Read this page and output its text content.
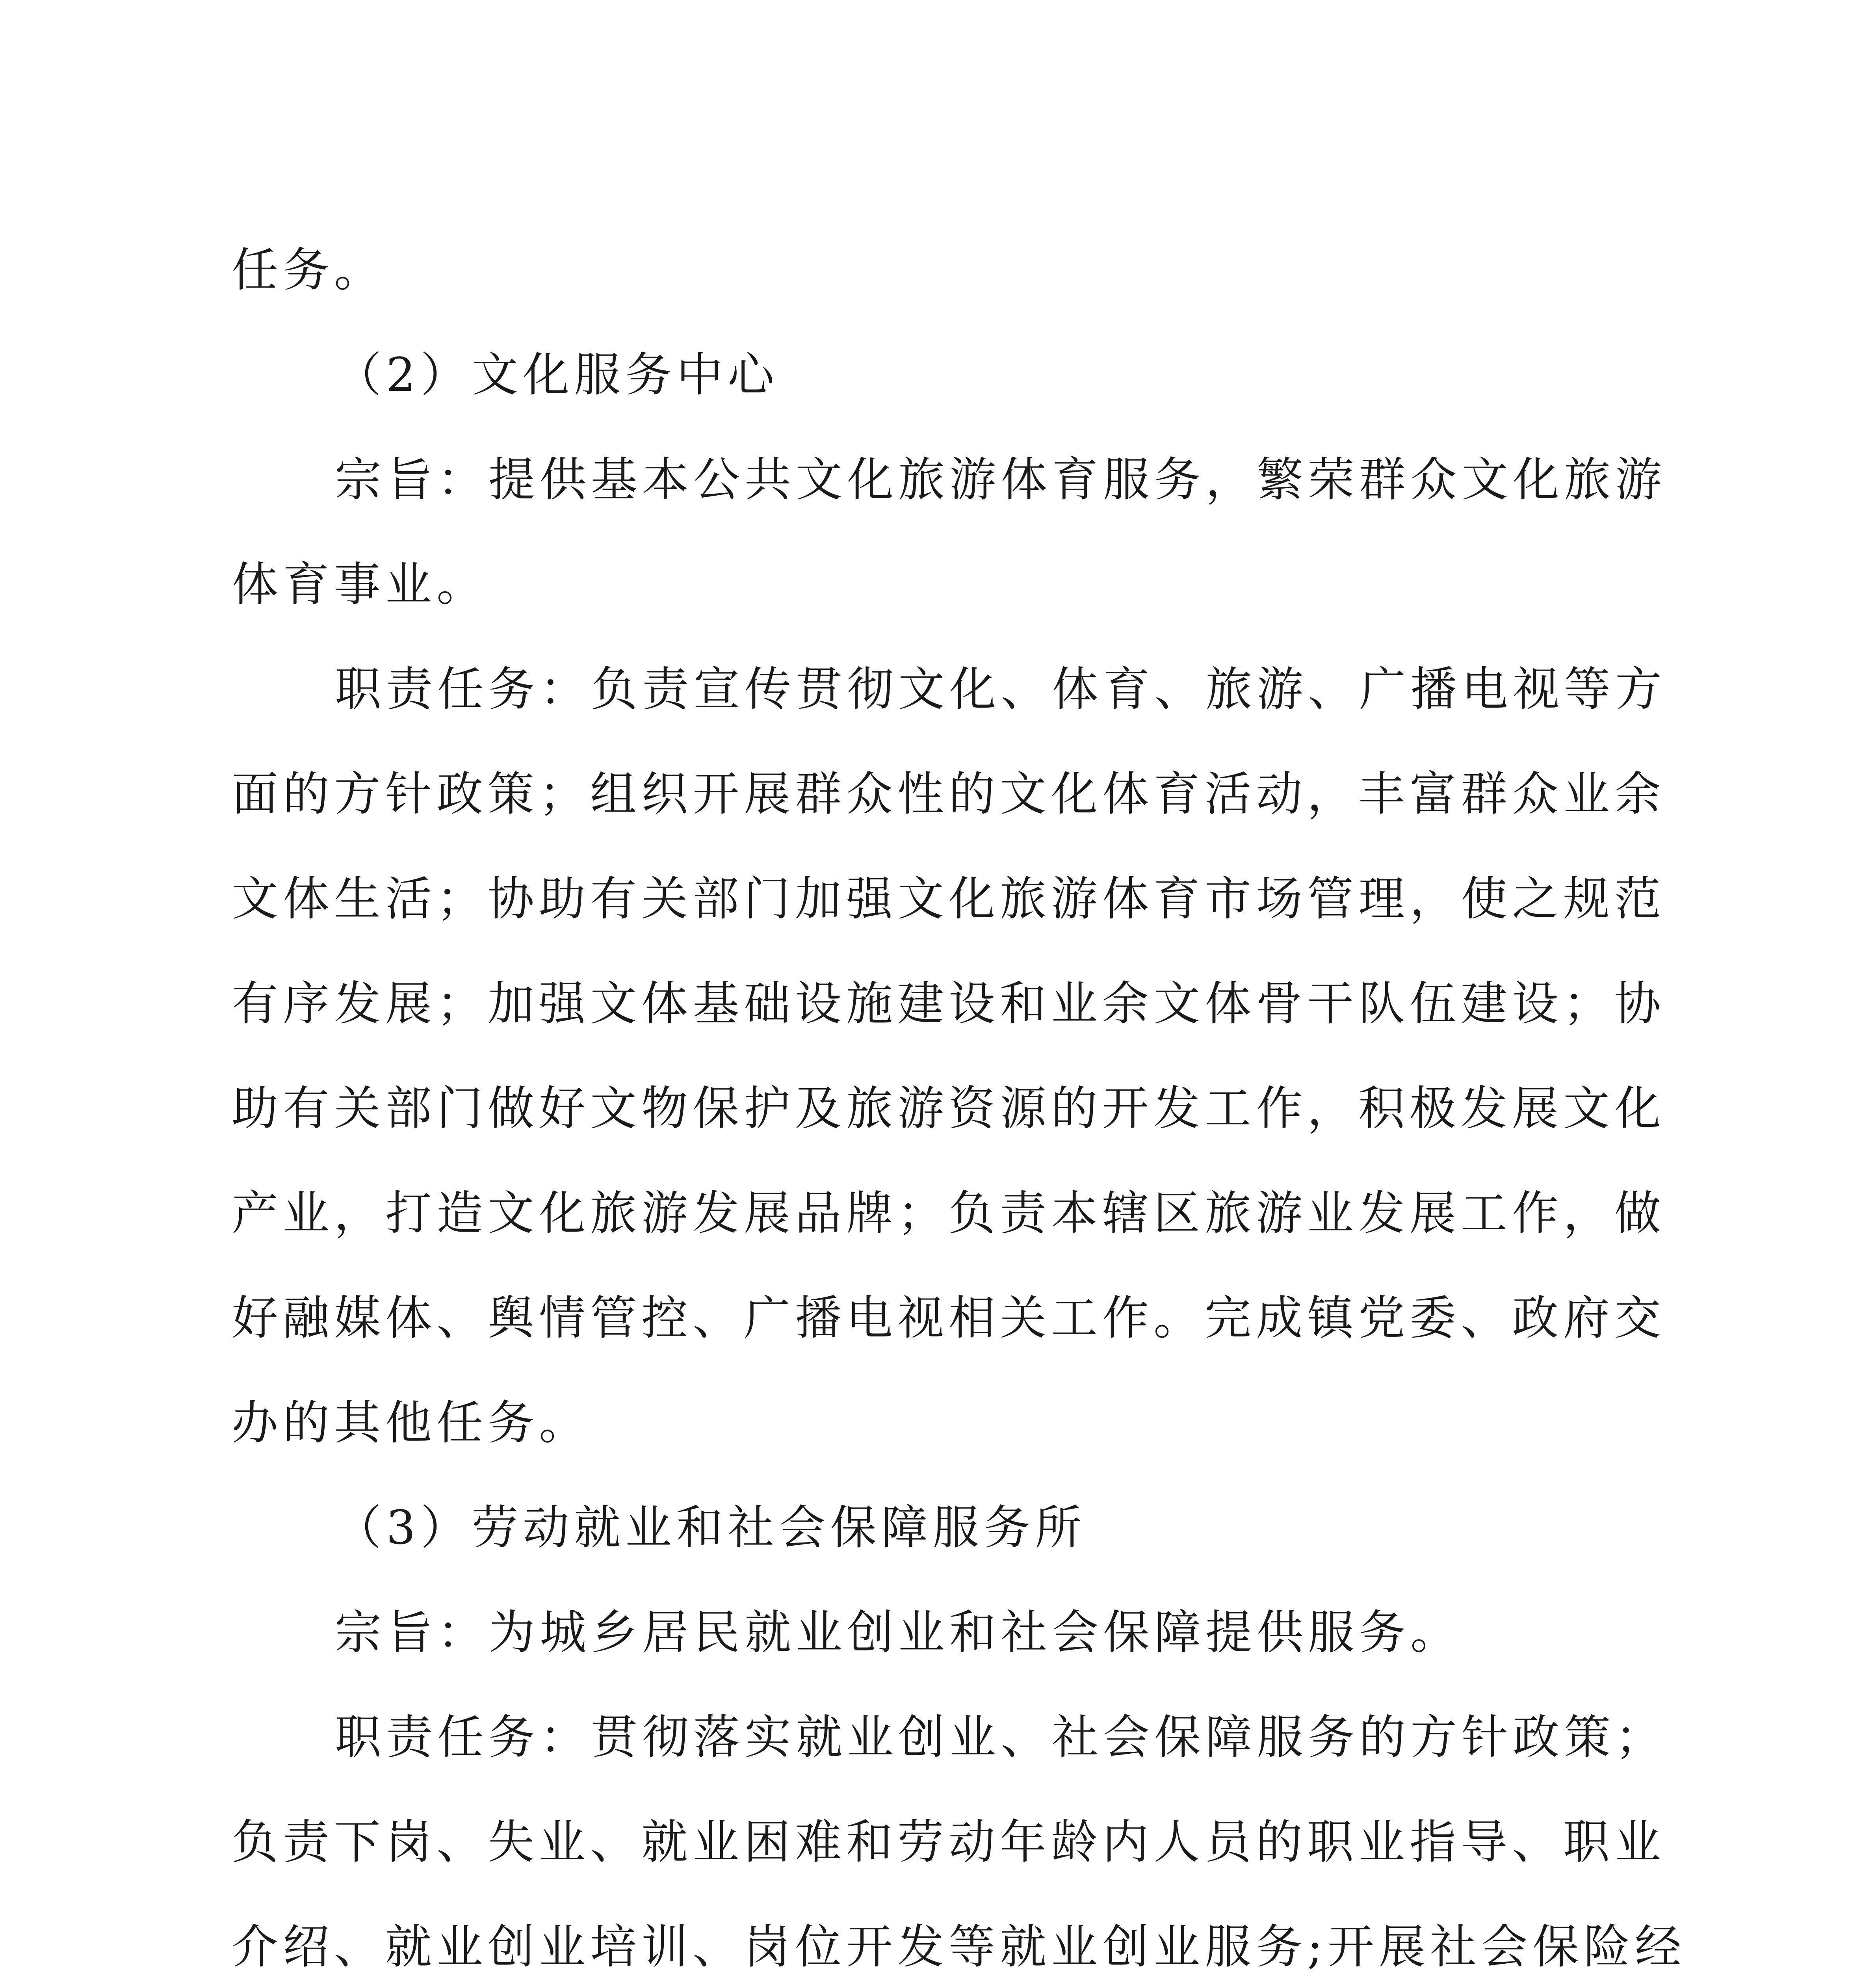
任务。
（2）文化服务中心
宗旨：提供基本公共文化旅游体育服务，繁荣群众文化旅游
体育事业。
职责任务：负责宣传贯彻文化、体育、旅游、广播电视等方
面的方针政策；组织开展群众性的文化体育活动，丰富群众业余
文体生活；协助有关部门加强文化旅游体育市场管理，使之规范
有序发展；加强文体基础设施建设和业余文体骨干队伍建设；协
助有关部门做好文物保护及旅游资源的开发工作，积极发展文化
产业，打造文化旅游发展品牌；负责本辖区旅游业发展工作，做
好融媒体、舆情管控、广播电视相关工作。完成镇党委、政府交
办的其他任务。
（3）劳动就业和社会保障服务所
宗旨：为城乡居民就业创业和社会保障提供服务。
职责任务：贯彻落实就业创业、社会保障服务的方针政策；
负责下岗、失业、就业困难和劳动年龄内人员的职业指导、职业
介绍、就业创业培训、岗位开发等就业创业服务;开展社会保险经
